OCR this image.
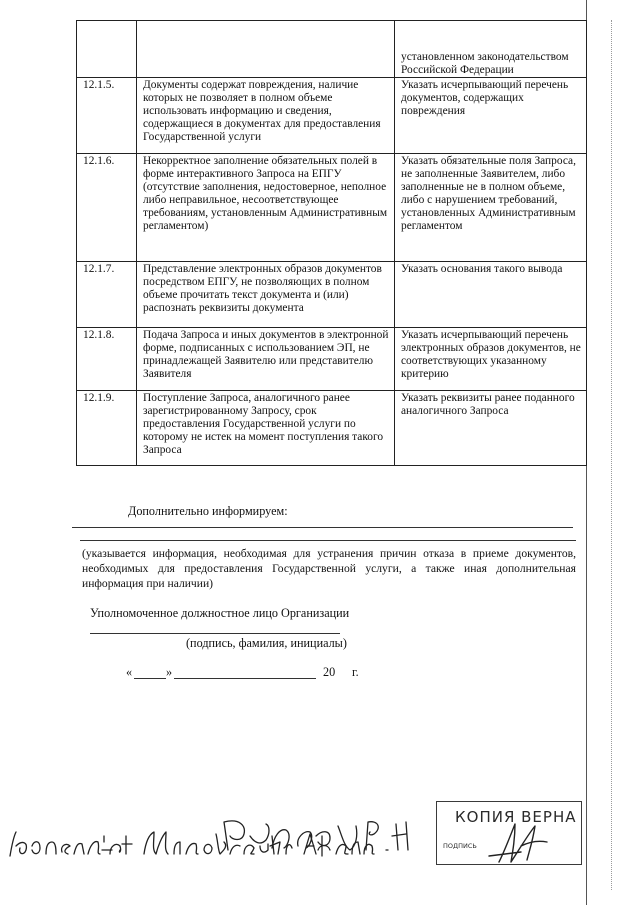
		установленном законодательством Российской Федерации
12.1.5.	Документы содержат повреждения, наличие которых не позволяет в полном объеме использовать информацию и сведения, содержащиеся в документах для предоставления Государственной услуги	Указать исчерпывающий перечень документов, содержащих повреждения
12.1.6.	Некорректное заполнение обязательных полей в форме интерактивного Запроса на ЕПГУ (отсутствие заполнения, недостоверное, неполное либо неправильное, несоответствующее требованиям, установленным Административным регламентом)	Указать обязательные поля Запроса, не заполненные Заявителем, либо заполненные не в полном объеме, либо с нарушением требований, установленных Административным регламентом
12.1.7.	Представление электронных образов документов посредством ЕПГУ, не позволяющих в полном объеме прочитать текст документа и (или) распознать реквизиты документа	Указать основания такого вывода
12.1.8.	Подача Запроса и иных документов в электронной форме, подписанных с использованием ЭП, не принадлежащей Заявителю или представителю Заявителя	Указать исчерпывающий перечень электронных образов документов, не соответствующих указанному критерию
12.1.9.	Поступление Запроса, аналогичного ранее зарегистрированному Запросу, срок предоставления Государственной услуги по которому не истек на момент поступления такого Запроса	Указать реквизиты ранее поданного аналогичного Запроса
Дополнительно информируем:
(указывается информация, необходимая для устранения причин отказа в приеме документов, необходимых для предоставления Государственной услуги, а также иная дополнительная информация при наличии)
Уполномоченное должностное лицо Организации
(подпись, фамилия, инициалы)
«	»	20 г.
КОПИЯ ВЕРНА
ПОДПИСЬ
